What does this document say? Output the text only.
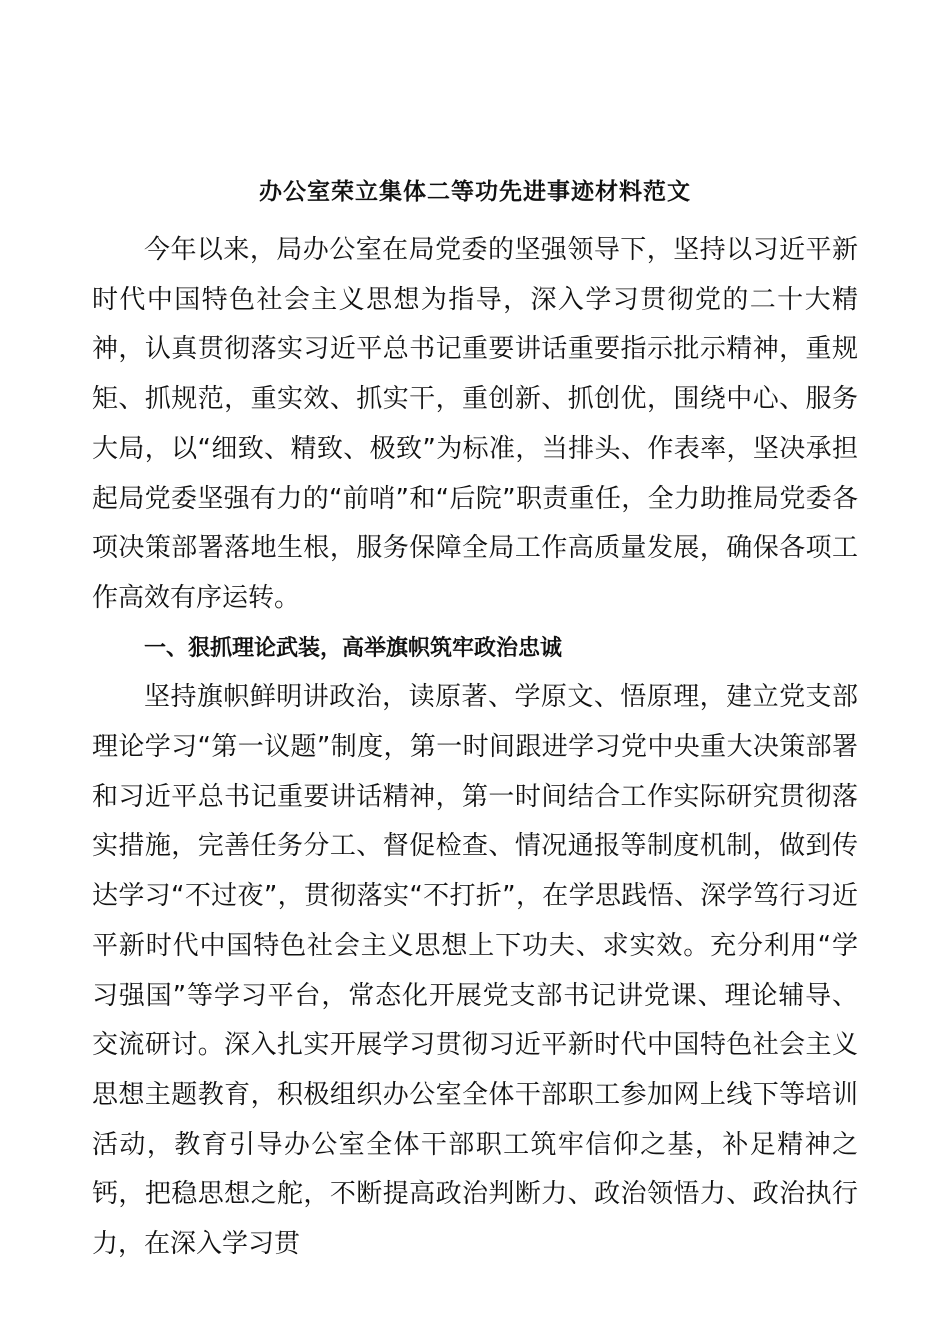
办公室荣立集体二等功先进事迹材料范文

今年以来，局办公室在局党委的坚强领导下，坚持以习近平新时代中国特色社会主义思想为指导，深入学习贯彻党的二十大精神，认真贯彻落实习近平总书记重要讲话重要指示批示精神，重规矩、抓规范，重实效、抓实干，重创新、抓创优，围绕中心、服务大局，以“细致、精致、极致”为标准，当排头、作表率，坚决承担起局党委坚强有力的“前哨”和“后院”职责重任，全力助推局党委各项决策部署落地生根，服务保障全局工作高质量发展，确保各项工作高效有序运转。

一、狠抓理论武装，高举旗帜筑牢政治忠诚

坚持旗帜鲜明讲政治，读原著、学原文、悟原理，建立党支部理论学习“第一议题”制度，第一时间跟进学习党中央重大决策部署和习近平总书记重要讲话精神，第一时间结合工作实际研究贯彻落实措施，完善任务分工、督促检查、情况通报等制度机制，做到传达学习“不过夜”，贯彻落实“不打折”，在学思践悟、深学笃行习近平新时代中国特色社会主义思想上下功夫、求实效。充分利用“学习强国”等学习平台，常态化开展党支部书记讲党课、理论辅导、交流研讨。深入扎实开展学习贯彻习近平新时代中国特色社会主义思想主题教育，积极组织办公室全体干部职工参加网上线下等培训活动，教育引导办公室全体干部职工筑牢信仰之基，补足精神之钙，把稳思想之舵，不断提高政治判断力、政治领悟力、政治执行力，在深入学习贯
